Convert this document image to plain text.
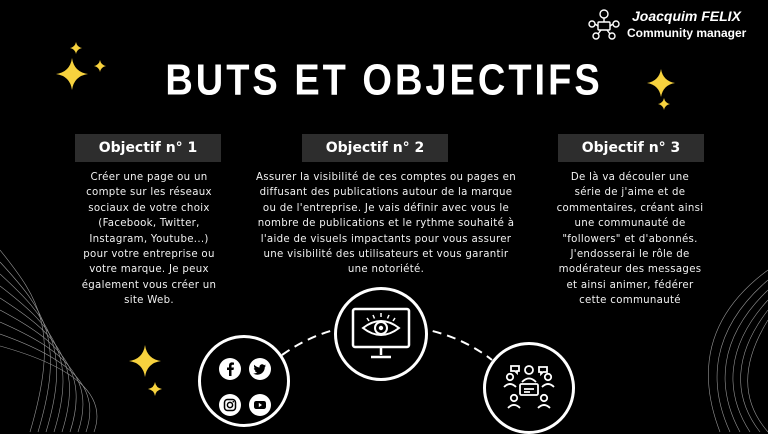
Joacquim FELIX
Community manager
BUTS ET OBJECTIFS
Objectif n° 1	Objectif n° 2	Objectif n° 3
Créer une page ou un compte sur les réseaux sociaux de votre choix (Facebook, Twitter, Instagram, Youtube...) pour votre entreprise ou votre marque. Je peux également vous créer un site Web.
Assurer la visibilité de ces comptes ou pages en diffusant des publications autour de la marque ou de l'entreprise. Je vais définir avec vous le nombre de publications et le rythme souhaité à l'aide de visuels impactants pour vous assurer une visibilité des utilisateurs et vous garantir une notoriété.
De là va découler une série de j'aime et de commentaires, créant ainsi une communauté de "followers" et d'abonnés. J'endosserai le rôle de modérateur des messages et ainsi animer, fédérer cette communauté
